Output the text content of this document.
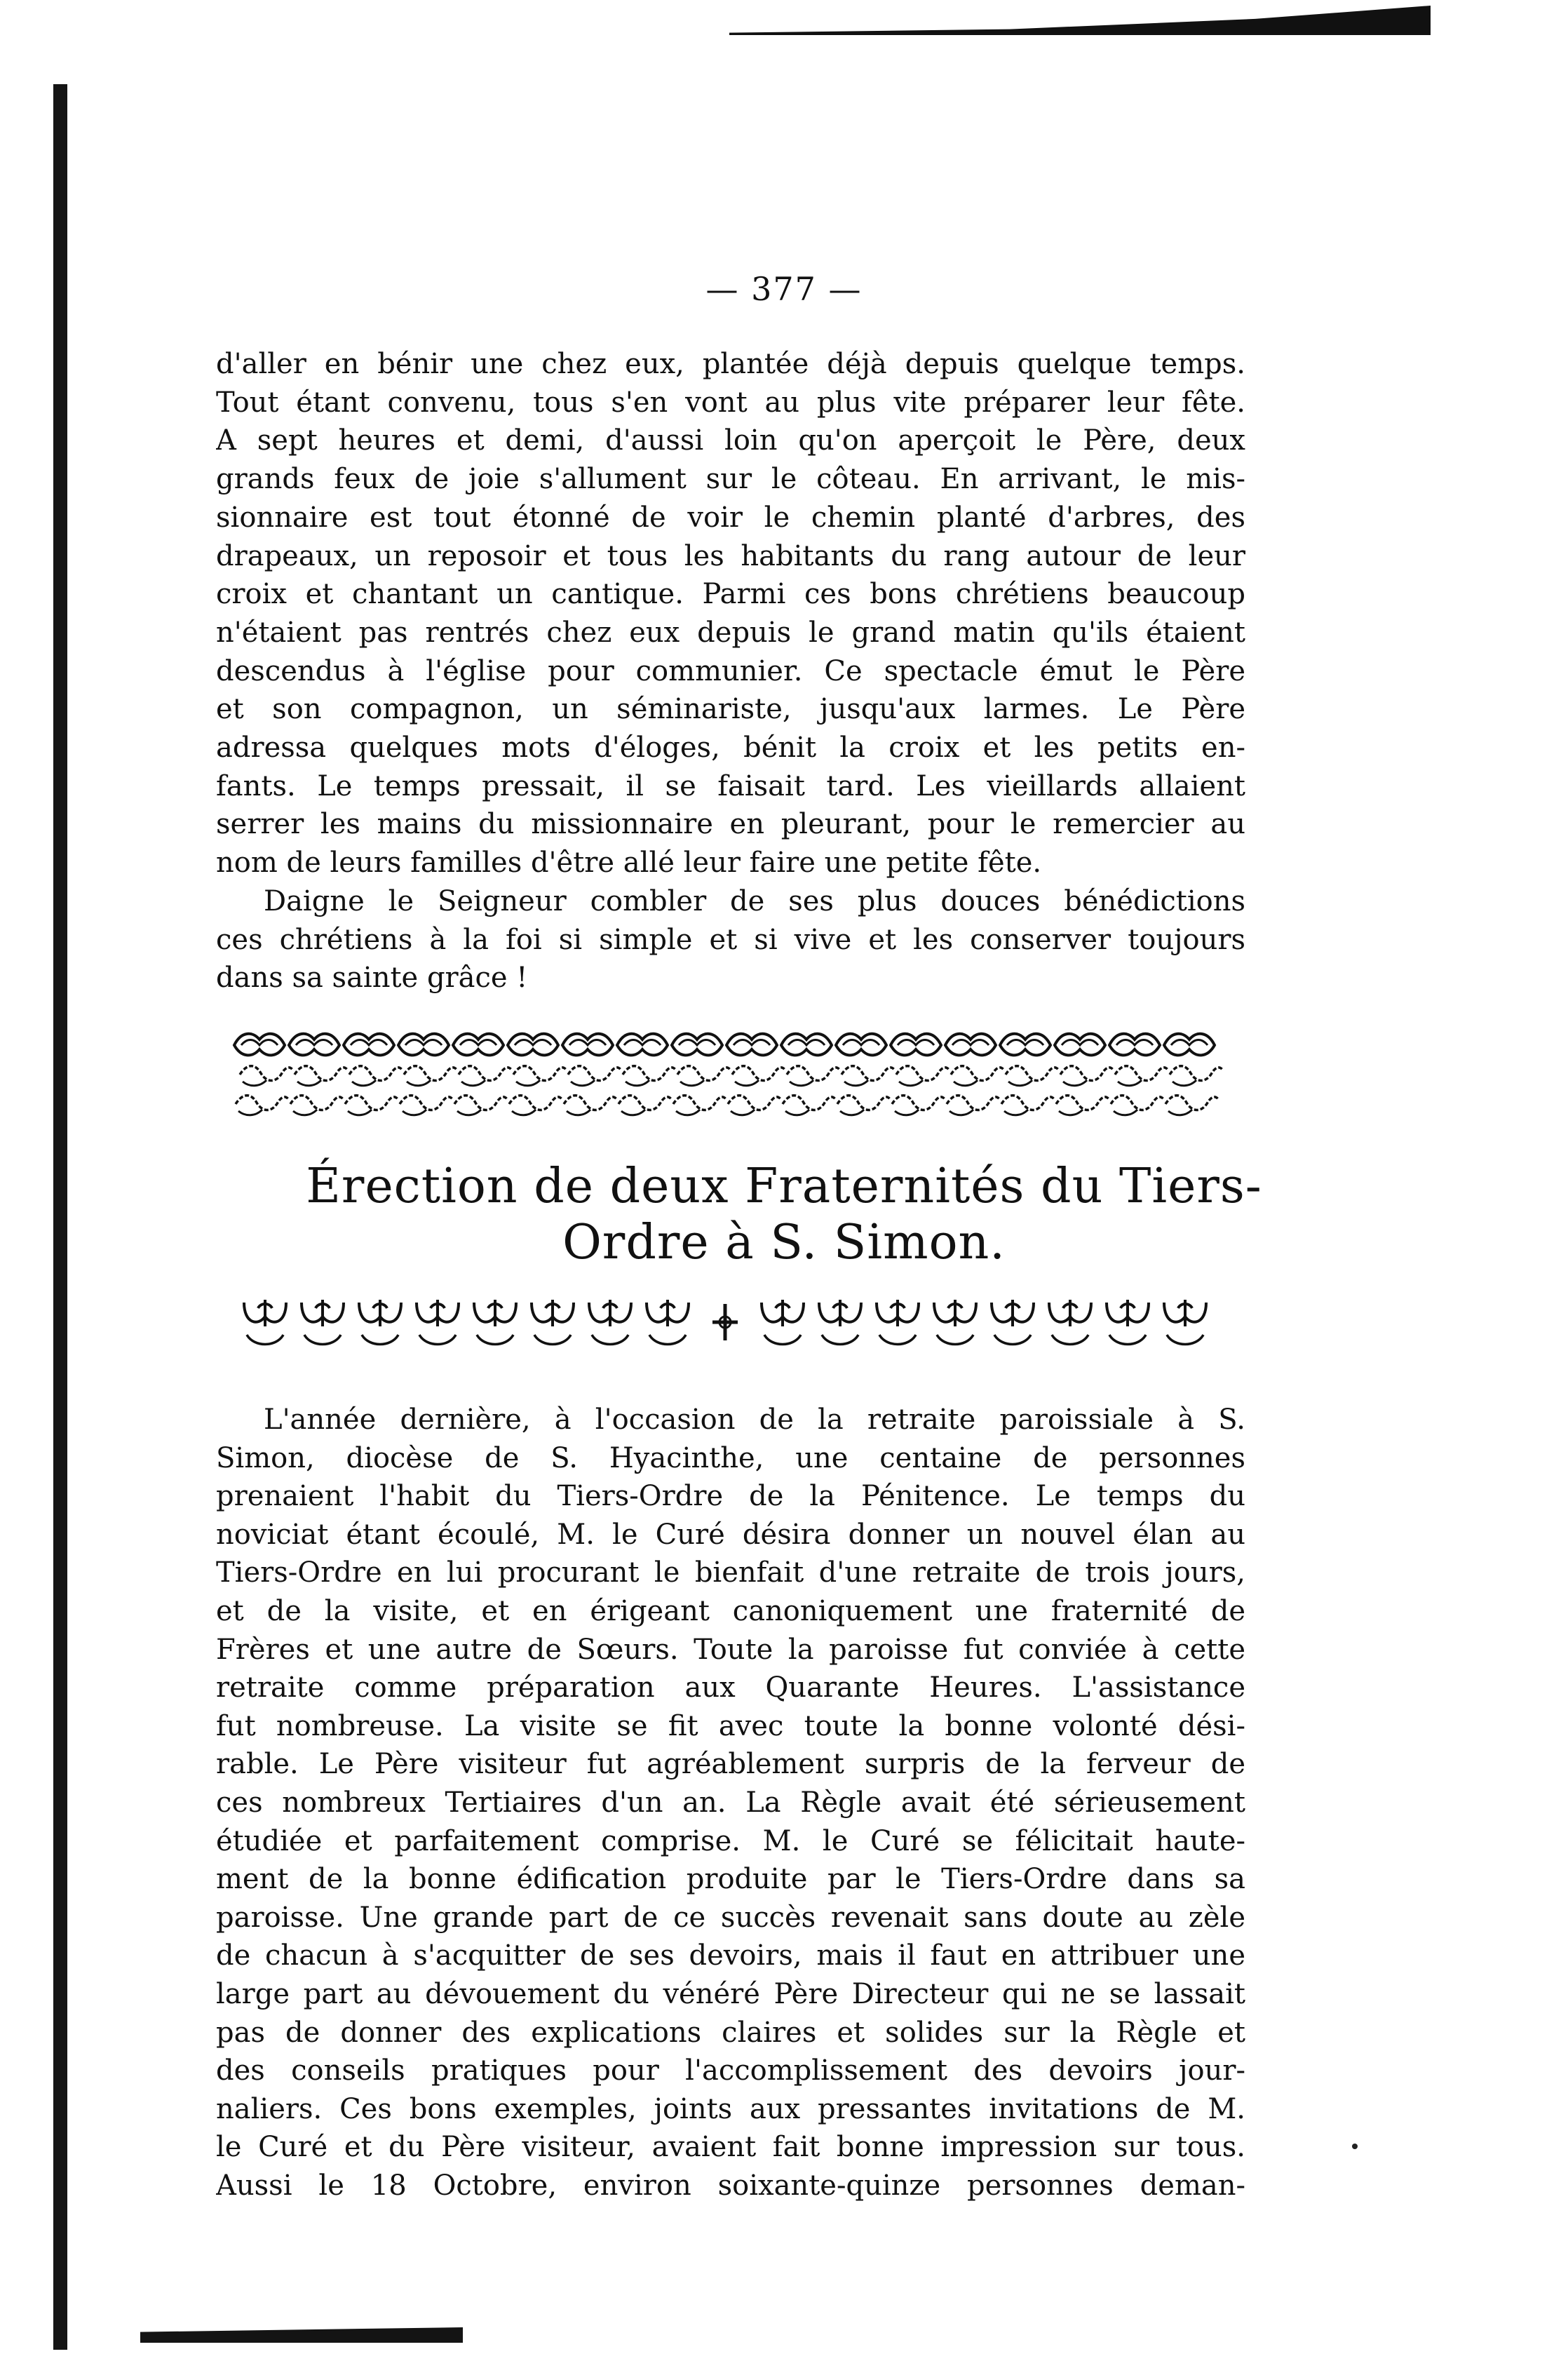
— 377 —
d'aller en bénir une chez eux, plantée déjà depuis quelque temps.
Tout étant convenu, tous s'en vont au plus vite préparer leur fête.
A sept heures et demi, d'aussi loin qu'on aperçoit le Père, deux
grands feux de joie s'allument sur le côteau. En arrivant, le mis-
sionnaire est tout étonné de voir le chemin planté d'arbres, des
drapeaux, un reposoir et tous les habitants du rang autour de leur
croix et chantant un cantique. Parmi ces bons chrétiens beaucoup
n'étaient pas rentrés chez eux depuis le grand matin qu'ils étaient
descendus à l'église pour communier. Ce spectacle émut le Père
et son compagnon, un séminariste, jusqu'aux larmes. Le Père
adressa quelques mots d'éloges, bénit la croix et les petits en-
fants. Le temps pressait, il se faisait tard. Les vieillards allaient
serrer les mains du missionnaire en pleurant, pour le remercier au
nom de leurs familles d'être allé leur faire une petite fête.
Daigne le Seigneur combler de ses plus douces bénédictions
ces chrétiens à la foi si simple et si vive et les conserver toujours
dans sa sainte grâce !
Érection de deux Fraternités du Tiers-
Ordre à S. Simon.
L'année dernière, à l'occasion de la retraite paroissiale à S.
Simon, diocèse de S. Hyacinthe, une centaine de personnes
prenaient l'habit du Tiers-Ordre de la Pénitence. Le temps du
noviciat étant écoulé, M. le Curé désira donner un nouvel élan au
Tiers-Ordre en lui procurant le bienfait d'une retraite de trois jours,
et de la visite, et en érigeant canoniquement une fraternité de
Frères et une autre de Sœurs. Toute la paroisse fut conviée à cette
retraite comme préparation aux Quarante Heures. L'assistance
fut nombreuse. La visite se fit avec toute la bonne volonté dési-
rable. Le Père visiteur fut agréablement surpris de la ferveur de
ces nombreux Tertiaires d'un an. La Règle avait été sérieusement
étudiée et parfaitement comprise. M. le Curé se félicitait haute-
ment de la bonne édification produite par le Tiers-Ordre dans sa
paroisse. Une grande part de ce succès revenait sans doute au zèle
de chacun à s'acquitter de ses devoirs, mais il faut en attribuer une
large part au dévouement du vénéré Père Directeur qui ne se lassait
pas de donner des explications claires et solides sur la Règle et
des conseils pratiques pour l'accomplissement des devoirs jour-
naliers. Ces bons exemples, joints aux pressantes invitations de M.
le Curé et du Père visiteur, avaient fait bonne impression sur tous.
Aussi le 18 Octobre, environ soixante-quinze personnes deman-
